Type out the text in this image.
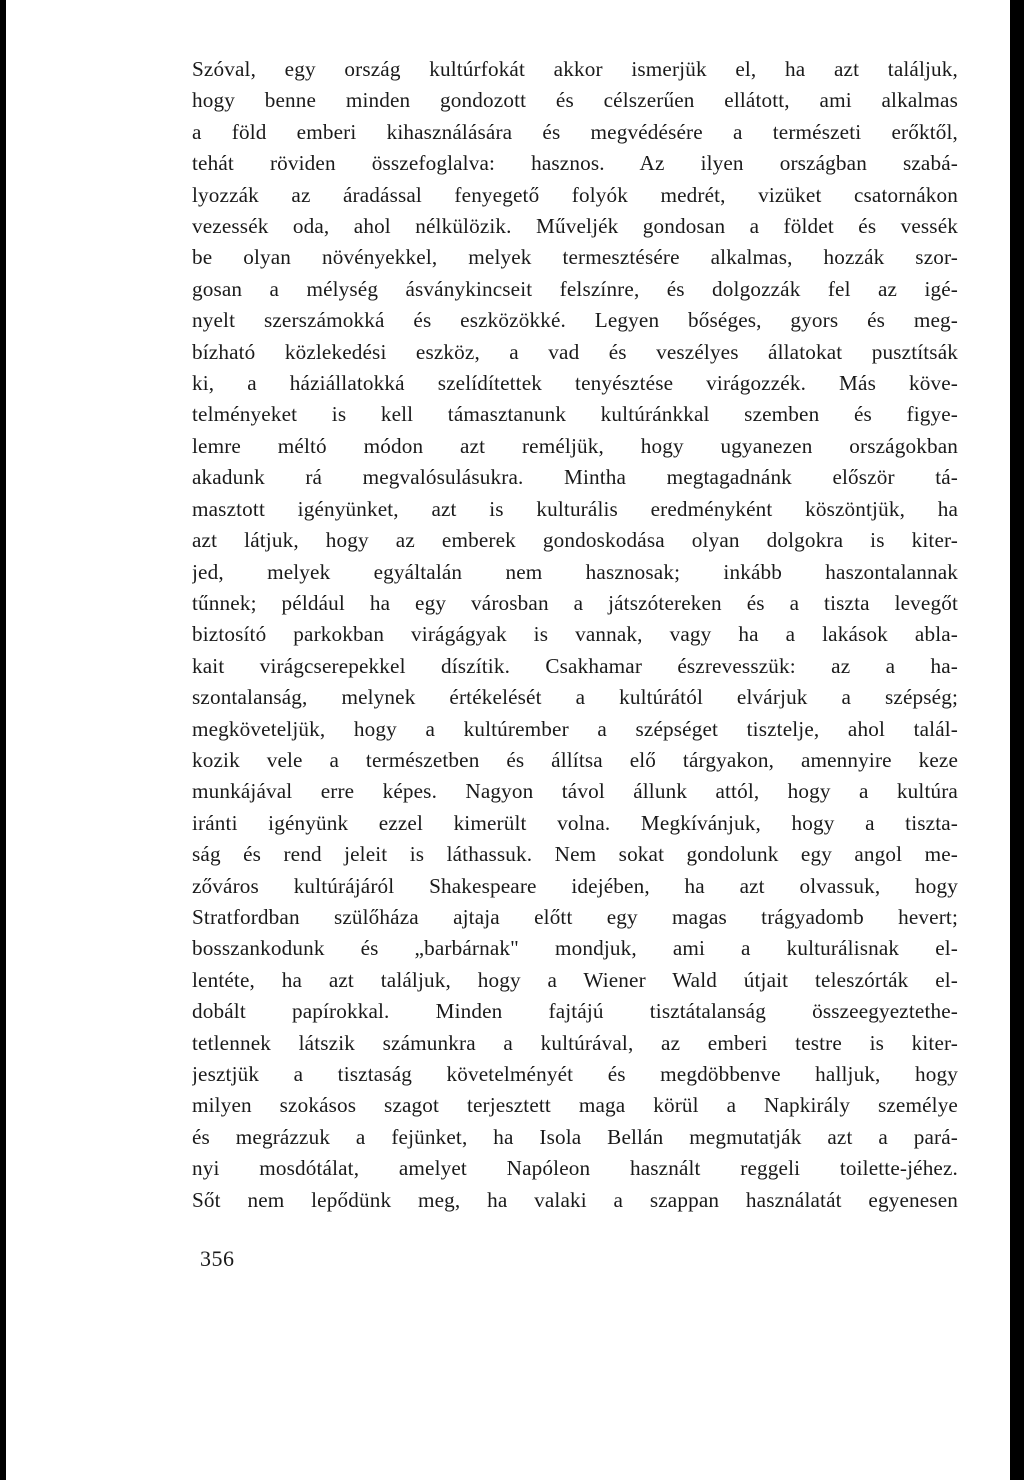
Szóval, egy ország kultúrfokát akkor ismerjük el, ha azt találjuk,
hogy benne minden gondozott és célszerűen ellátott, ami alkalmas
a föld emberi kihasználására és megvédésére a természeti erőktől,
tehát röviden összefoglalva: hasznos. Az ilyen országban szabá-
lyozzák az áradással fenyegető folyók medrét, vizüket csatornákon
vezessék oda, ahol nélkülözik. Műveljék gondosan a földet és vessék
be olyan növényekkel, melyek termesztésére alkalmas, hozzák szor-
gosan a mélység ásványkincseit felszínre, és dolgozzák fel az igé-
nyelt szerszámokká és eszközökké. Legyen bőséges, gyors és meg-
bízható közlekedési eszköz, a vad és veszélyes állatokat pusztítsák
ki, a háziállatokká szelídítettek tenyésztése virágozzék. Más köve-
telményeket is kell támasztanunk kultúránkkal szemben és figye-
lemre méltó módon azt reméljük, hogy ugyanezen országokban
akadunk rá megvalósulásukra. Mintha megtagadnánk először tá-
masztott igényünket, azt is kulturális eredményként köszöntjük, ha
azt látjuk, hogy az emberek gondoskodása olyan dolgokra is kiter-
jed, melyek egyáltalán nem hasznosak; inkább haszontalannak
tűnnek; például ha egy városban a játszótereken és a tiszta levegőt
biztosító parkokban virágágyak is vannak, vagy ha a lakások abla-
kait virágcserepekkel díszítik. Csakhamar észrevesszük: az a ha-
szontalanság, melynek értékelését a kultúrától elvárjuk a szépség;
megköveteljük, hogy a kultúrember a szépséget tisztelje, ahol talál-
kozik vele a természetben és állítsa elő tárgyakon, amennyire keze
munkájával erre képes. Nagyon távol állunk attól, hogy a kultúra
iránti igényünk ezzel kimerült volna. Megkívánjuk, hogy a tiszta-
ság és rend jeleit is láthassuk. Nem sokat gondolunk egy angol me-
zőváros kultúrájáról Shakespeare idejében, ha azt olvassuk, hogy
Stratfordban szülőháza ajtaja előtt egy magas trágyadomb hevert;
bosszankodunk és „barbárnak" mondjuk, ami a kulturálisnak el-
lentéte, ha azt találjuk, hogy a Wiener Wald útjait teleszórták el-
dobált papírokkal. Minden fajtájú tisztátalanság összeegyeztethe-
tetlennek látszik számunkra a kultúrával, az emberi testre is kiter-
jesztjük a tisztaság követelményét és megdöbbenve halljuk, hogy
milyen szokásos szagot terjesztett maga körül a Napkirály személye
és megrázzuk a fejünket, ha Isola Bellán megmutatják azt a pará-
nyi mosdótálat, amelyet Napóleon használt reggeli toilette-jéhez.
Sőt nem lepődünk meg, ha valaki a szappan használatát egyenesen
356
